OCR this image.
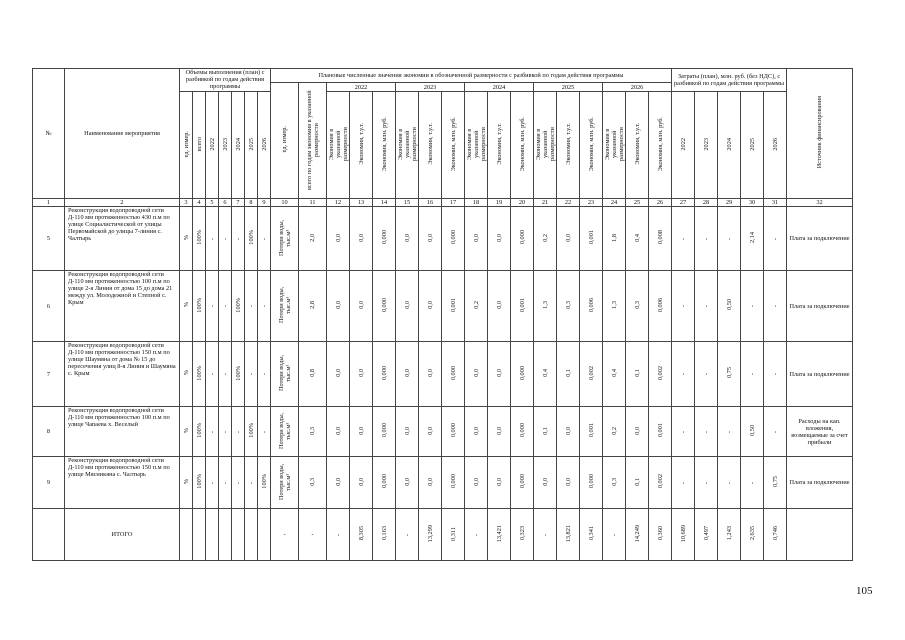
№	Наименование мероприятия	Объемы выполнения (план) с разбивкой по годам действия программы							Плановые численные значения экономии в обозначенной размерности с разбивкой по годам действия программы																	Затраты (план), млн. руб. (без НДС), с разбивкой по годам действия программы					Источник финансирования
									ед. измер.	всего по годам экономия в указанной размерности	2022			2023			2024			2025			2026								
		ед. измер.	всего	2022	2023	2024	2025	2026			Экономия в указанной размерности	Экономия, т.у.т.	Экономия, млн. руб.	Экономия в указанной размерности	Экономия, т.у.т.	Экономия, млн. руб.	Экономия в указанной размерности	Экономия, т.у.т.	Экономия, млн. руб.	Экономия в указанной размерности	Экономия, т.у.т.	Экономия, млн. руб.	Экономия в указанной размерности	Экономия, т.у.т.	Экономия, млн. руб.	2022	2023	2024	2025	2026	

1	2	3	4	5	6	7	8	9	10	11	12	13	14	15	16	17	18	19	20	21	22	23	24	25	26	27	28	29	30	31	32
5	Реконструкция водопроводной сети Д-110 мм протяженностью 430 п.м по улице Социалистической от улицы Первомайской до улицы 7-линия с. Чалтырь	%	100%	-	-	-	100%	-	Потери воды, тыс.м³	2,0	0,0	0,0	0,000	0,0	0,0	0,000	0,0	0,0	0,000	0,2	0,0	0,001	1,8	0,4	0,008	-	-	-	2,14	-	Плата за подключение
6	Реконструкция водопроводной сети Д-110 мм протяженностью 100 п.м по улице 2-я Линия от дома 15 до дома 21 между ул. Молодежной и Степной с. Крым	%	100%	-	-	100%	-	-	Потери воды, тыс.м³	2,8	0,0	0,0	0,000	0,0	0,0	0,001	0,2	0,0	0,001	1,3	0,3	0,006	1,3	0,3	0,006	-	-	0,50	-	-	Плата за подключение
7	Реконструкция водопроводной сети Д-110 мм протяженностью 150 п.м по улице Шаумяна от дома № 15 до пересечения улиц 8-я Линия и Шаумяна с. Крым	%	100%	-	-	100%	-	-	Потери воды, тыс.м³	0,8	0,0	0,0	0,000	0,0	0,0	0,000	0,0	0,0	0,000	0,4	0,1	0,002	0,4	0,1	0,002	-	-	0,75	-	-	Плата за подключение
8	Реконструкция водопроводной сети Д-110 мм протяженностью 100 п.м по улице Чапаева х. Веселый	%	100%	-	-	-	100%	-	Потери воды, тыс.м³	0,3	0,0	0,0	0,000	0,0	0,0	0,000	0,0	0,0	0,000	0,1	0,0	0,001	0,2	0,0	0,001	-	-	-	0,50	-	Расходы на кап. вложения, возмещаемые за счет прибыли
9	Реконструкция водопроводной сети Д-110 мм протяженностью 150 п.м по улице Мясникяна с. Чалтырь	%	100%	-	-	-	-	100%	Потери воды, тыс.м³	0,3	0,0	0,0	0,000	0,0	0,0	0,000	0,0	0,0	0,000	0,0	0,0	0,000	0,3	0,1	0,002	-	-	-	-	0,75	Плата за подключение
	ИТОГО								-	-	-	8,305	0,163	-	13,299	0,311	-	13,421	0,323	-	13,821	0,341	-	14,249	0,360	10,689	0,497	1,243	2,635	0,746	
105
